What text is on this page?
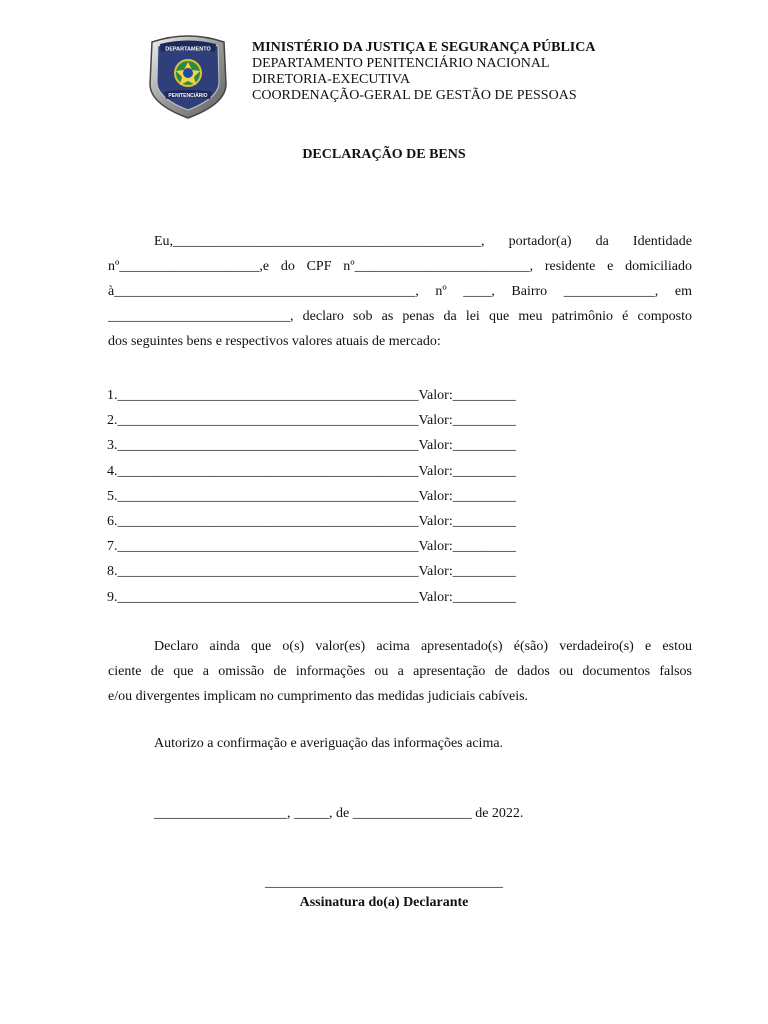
DEPARTAMENTO
PENITENCIÁRIO
MINISTÉRIO DA JUSTIÇA E SEGURANÇA PÚBLICA
DEPARTAMENTO PENITENCIÁRIO NACIONAL
DIRETORIA-EXECUTIVA
COORDENAÇÃO-GERAL DE GESTÃO DE PESSOAS
DECLARAÇÃO DE BENS
Eu,____________________________________________, portador(a) da Identidade
nº____________________,e do CPF nº_________________________, residente e domiciliado
à___________________________________________, nº ____, Bairro _____________, em
__________________________, declaro sob as penas da lei que meu patrimônio é composto
dos seguintes bens e respectivos valores atuais de mercado:
1.___________________________________________Valor:_________
2.___________________________________________Valor:_________
3.___________________________________________Valor:_________
4.___________________________________________Valor:_________
5.___________________________________________Valor:_________
6.___________________________________________Valor:_________
7.___________________________________________Valor:_________
8.___________________________________________Valor:_________
9.___________________________________________Valor:_________
Declaro ainda que o(s) valor(es) acima apresentado(s) é(são) verdadeiro(s) e estou
ciente de que a omissão de informações ou a apresentação de dados ou documentos falsos
e/ou divergentes implicam no cumprimento das medidas judiciais cabíveis.
Autorizo a confirmação e averiguação das informações acima.
___________________, _____, de _________________ de 2022.
__________________________________
Assinatura do(a) Declarante
